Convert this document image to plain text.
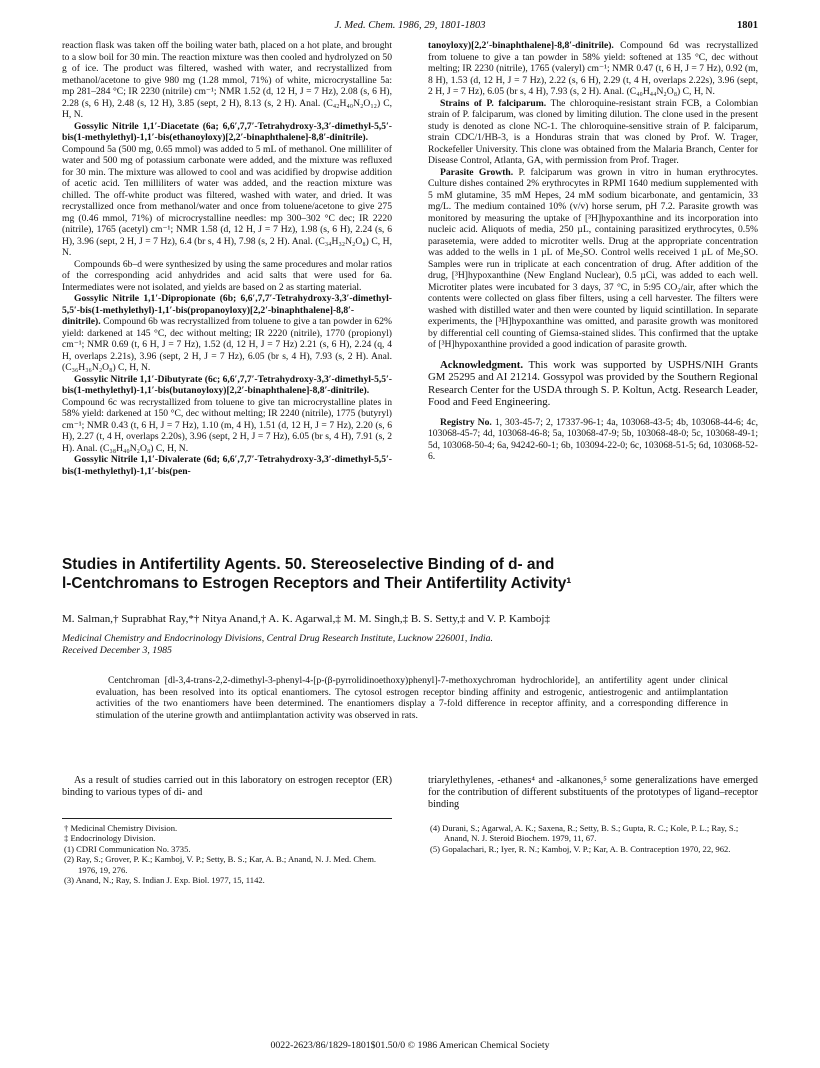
J. Med. Chem. 1986, 29, 1801-1803	1801

reaction flask was taken off the boiling water bath, placed on a hot plate, and brought to a slow boil for 30 min. The reaction mixture was then cooled and hydrolyzed on 50 g of ice. The product was filtered, washed with water, and recrystallized from methanol/acetone to give 980 mg (1.28 mmol, 71%) of white, microcrystalline 5a: mp 281–284 °C; IR 2230 (nitrile) cm⁻¹; NMR 1.52 (d, 12 H, J = 7 Hz), 2.08 (s, 6 H), 2.28 (s, 6 H), 2.48 (s, 12 H), 3.85 (sept, 2 H), 8.13 (s, 2 H). Anal. (C₄₂H₄₀N₂O₁₂) C, H, N.

Gossylic Nitrile 1,1′-Diacetate (6a; 6,6′,7,7′-Tetrahydroxy-3,3′-dimethyl-5,5′-bis(1-methylethyl)-1,1′-bis(ethanoyloxy)[2,2′-binaphthalene]-8,8′-dinitrile). Compound 5a (500 mg, 0.65 mmol) was added to 5 mL of methanol. One milliliter of water and 500 mg of potassium carbonate were added, and the mixture was refluxed for 30 min. The mixture was allowed to cool and was acidified by dropwise addition of acetic acid. Ten milliliters of water was added, and the reaction mixture was chilled. The off-white product was filtered, washed with water, and dried. It was recrystallized once from methanol/water and once from toluene/acetone to give 275 mg (0.46 mmol, 71%) of microcrystalline needles: mp 300–302 °C dec; IR 2220 (nitrile), 1765 (acetyl) cm⁻¹; NMR 1.58 (d, 12 H, J = 7 Hz), 1.98 (s, 6 H), 2.24 (s, 6 H), 3.96 (sept, 2 H, J = 7 Hz), 6.4 (br s, 4 H), 7.98 (s, 2 H). Anal. (C₃₄H₃₂N₂O₈) C, H, N.

Compounds 6b–d were synthesized by using the same procedures and molar ratios of the corresponding acid anhydrides and acid salts that were used for 6a. Intermediates were not isolated, and yields are based on 2 as starting material.

Gossylic Nitrile 1,1′-Dipropionate (6b; 6,6′,7,7′-Tetrahydroxy-3,3′-dimethyl-5,5′-bis(1-methylethyl)-1,1′-bis(propanoyloxy)[2,2′-binaphthalene]-8,8′-dinitrile). Compound 6b was recrystallized from toluene to give a tan powder in 62% yield: darkened at 145 °C, dec without melting; IR 2220 (nitrile), 1770 (propionyl) cm⁻¹; NMR 0.69 (t, 6 H, J = 7 Hz), 1.52 (d, 12 H, J = 7 Hz) 2.21 (s, 6 H), 2.24 (q, 4 H, overlaps 2.21s), 3.96 (sept, 2 H, J = 7 Hz), 6.05 (br s, 4 H), 7.93 (s, 2 H). Anal. (C₃₆H₃₆N₂O₈) C, H, N.

Gossylic Nitrile 1,1′-Dibutyrate (6c; 6,6′,7,7′-Tetrahydroxy-3,3′-dimethyl-5,5′-bis(1-methylethyl)-1,1′-bis(butanoyloxy)[2,2′-binaphthalene]-8,8′-dinitrile). Compound 6c was recrystallized from toluene to give tan microcrystalline plates in 58% yield: darkened at 150 °C, dec without melting; IR 2240 (nitrile), 1775 (butyryl) cm⁻¹; NMR 0.43 (t, 6 H, J = 7 Hz), 1.10 (m, 4 H), 1.51 (d, 12 H, J = 7 Hz), 2.20 (s, 6 H), 2.27 (t, 4 H, overlaps 2.20s), 3.96 (sept, 2 H, J = 7 Hz), 6.05 (br s, 4 H), 7.91 (s, 2 H). Anal. (C₃₈H₄₀N₂O₈) C, H, N.

Gossylic Nitrile 1,1′-Divalerate (6d; 6,6′,7,7′-Tetrahydroxy-3,3′-dimethyl-5,5′-bis(1-methylethyl)-1,1′-bis(pen-

tanoyloxy)[2,2′-binaphthalene]-8,8′-dinitrile). Compound 6d was recrystallized from toluene to give a tan powder in 58% yield: softened at 135 °C, dec without melting; IR 2230 (nitrile), 1765 (valeryl) cm⁻¹; NMR 0.47 (t, 6 H, J = 7 Hz), 0.92 (m, 8 H), 1.53 (d, 12 H, J = 7 Hz), 2.22 (s, 6 H), 2.29 (t, 4 H, overlaps 2.22s), 3.96 (sept, 2 H, J = 7 Hz), 6.05 (br s, 4 H), 7.93 (s, 2 H). Anal. (C₄₀H₄₄N₂O₈) C, H, N.

Strains of P. falciparum. The chloroquine-resistant strain FCB, a Colombian strain of P. falciparum, was cloned by limiting dilution. The clone used in the present study is denoted as clone NC-1. The chloroquine-sensitive strain of P. falciparum, strain CDC/1/HB-3, is a Honduras strain that was cloned by Prof. W. Trager, Rockefeller University. This clone was obtained from the Malaria Branch, Center for Disease Control, Atlanta, GA, with permission from Prof. Trager.

Parasite Growth. P. falciparum was grown in vitro in human erythrocytes. Culture dishes contained 2% erythrocytes in RPMI 1640 medium supplemented with 5 mM glutamine, 35 mM Hepes, 24 mM sodium bicarbonate, and gentamicin, 33 mg/L. The medium contained 10% (v/v) horse serum, pH 7.2. Parasite growth was monitored by measuring the uptake of [³H]hypoxanthine and its incorporation into nucleic acid. Aliquots of media, 250 µL, containing parasitized erythrocytes, 0.5% parasetemia, were added to microtiter wells. Drug at the appropriate concentration was added to the wells in 1 µL of Me₂SO. Control wells received 1 µL of Me₂SO. Samples were run in triplicate at each concentration of drug. After addition of the drug, [³H]hypoxanthine (New England Nuclear), 0.5 µCi, was added to each well. Microtiter plates were incubated for 3 days, 37 °C, in 5:95 CO₂/air, after which the contents were collected on glass fiber filters, using a cell harvester. The filters were washed with distilled water and then were counted by liquid scintillation. In separate experiments, the [³H]hypoxanthine was omitted, and parasite growth was monitored by differential cell counting of Giemsa-stained slides. This confirmed that the uptake of [³H]hypoxanthine provided a good indication of parasite growth.

Acknowledgment. This work was supported by USPHS/NIH Grants GM 25295 and AI 21214. Gossypol was provided by the Southern Regional Research Center for the USDA through S. P. Koltun, Actg. Research Leader, Food and Feed Engineering.

Registry No. 1, 303-45-7; 2, 17337-96-1; 4a, 103068-43-5; 4b, 103068-44-6; 4c, 103068-45-7; 4d, 103068-46-8; 5a, 103068-47-9; 5b, 103068-48-0; 5c, 103068-49-1; 5d, 103068-50-4; 6a, 94242-60-1; 6b, 103094-22-0; 6c, 103068-51-5; 6d, 103068-52-6.

Studies in Antifertility Agents. 50. Stereoselective Binding of d- and
l-Centchromans to Estrogen Receptors and Their Antifertility Activity¹
M. Salman,† Suprabhat Ray,*† Nitya Anand,† A. K. Agarwal,‡ M. M. Singh,‡ B. S. Setty,‡ and V. P. Kamboj‡
Medicinal Chemistry and Endocrinology Divisions, Central Drug Research Institute, Lucknow 226001, India.
Received December 3, 1985

Centchroman [dl-3,4-trans-2,2-dimethyl-3-phenyl-4-[p-(β-pyrrolidinoethoxy)phenyl]-7-methoxychroman hydrochloride], an antifertility agent under clinical evaluation, has been resolved into its optical enantiomers. The cytosol estrogen receptor binding affinity and estrogenic, antiestrogenic and antiimplantation activities of the two enantiomers have been determined. The enantiomers display a 7-fold difference in receptor affinity, and a corresponding difference in stimulation of the uterine growth and antiimplantation activity was observed in rats.

As a result of studies carried out in this laboratory on estrogen receptor (ER) binding to various types of di- and

triarylethylenes, -ethanes⁴ and -alkanones,⁵ some generalizations have emerged for the contribution of different substituents of the prototypes of ligand–receptor binding

† Medicinal Chemistry Division.
‡ Endocrinology Division.
(1) CDRI Communication No. 3735.
(2) Ray, S.; Grover, P. K.; Kamboj, V. P.; Setty, B. S.; Kar, A. B.; Anand, N. J. Med. Chem. 1976, 19, 276.
(3) Anand, N.; Ray, S. Indian J. Exp. Biol. 1977, 15, 1142.
(4) Durani, S.; Agarwal, A. K.; Saxena, R.; Setty, B. S.; Gupta, R. C.; Kole, P. L.; Ray, S.; Anand, N. J. Steroid Biochem. 1979, 11, 67.
(5) Gopalachari, R.; Iyer, R. N.; Kamboj, V. P.; Kar, A. B. Contraception 1970, 22, 962.
0022-2623/86/1829-1801$01.50/0 © 1986 American Chemical Society
